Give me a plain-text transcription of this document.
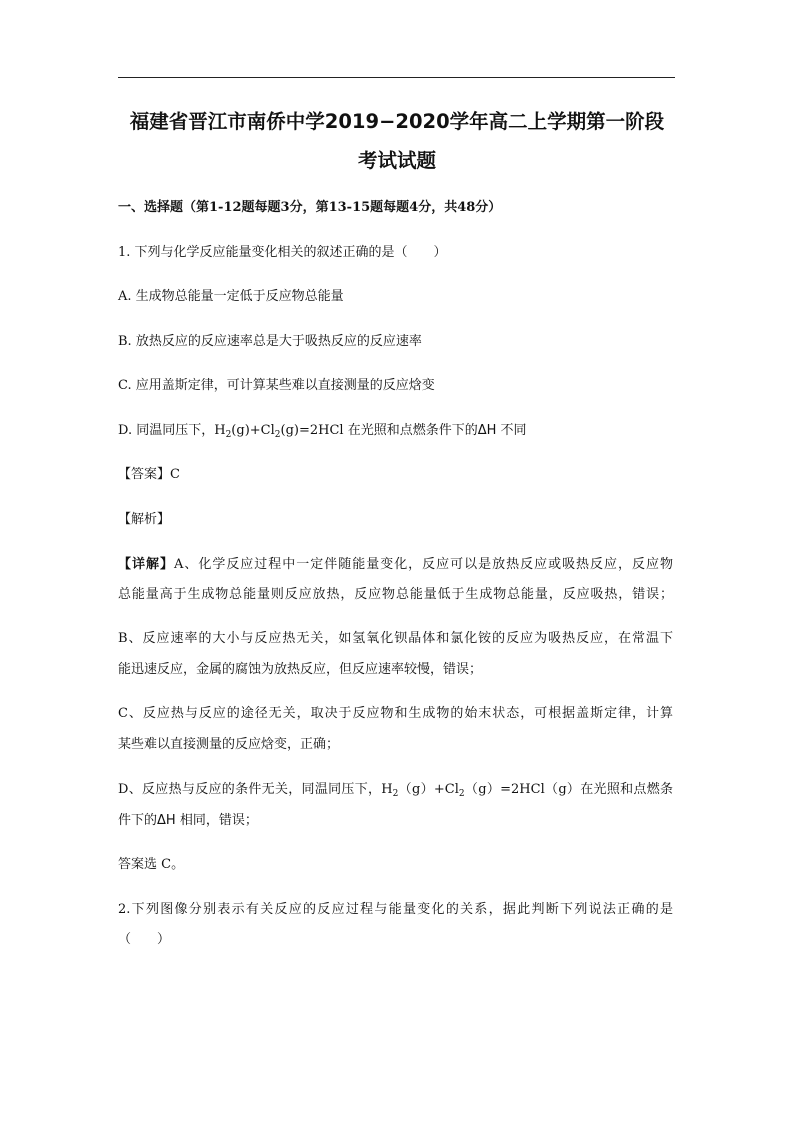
福建省晋江市南侨中学2019−2020学年高二上学期第一阶段
考试试题
一、选择题（第1-12题每题3分，第13-15题每题4分，共48分）
1. 下列与化学反应能量变化相关的叙述正确的是（　　）
A. 生成物总能量一定低于反应物总能量
B. 放热反应的反应速率总是大于吸热反应的反应速率
C. 应用盖斯定律，可计算某些难以直接测量的反应焓变
D. 同温同压下，$H_2(g)+Cl_2(g)=2HCl$ 在光照和点燃条件下的ΔH 不同
【答案】C
【解析】
【详解】A、化学反应过程中一定伴随能量变化，反应可以是放热反应或吸热反应，反应物
总能量高于生成物总能量则反应放热，反应物总能量低于生成物总能量，反应吸热，错误；
B、反应速率的大小与反应热无关，如氢氧化钡晶体和氯化铵的反应为吸热反应，在常温下
能迅速反应，金属的腐蚀为放热反应，但反应速率较慢，错误；
C、反应热与反应的途径无关，取决于反应物和生成物的始末状态，可根据盖斯定律，计算
某些难以直接测量的反应焓变，正确；
D、反应热与反应的条件无关，同温同压下，$H_2(g)+Cl_2(g)=2HCl(g)$在光照和点燃条
件下的ΔH 相同，错误；
答案选 C。
2.下列图像分别表示有关反应的反应过程与能量变化的关系，据此判断下列说法正确的是
（　　）
